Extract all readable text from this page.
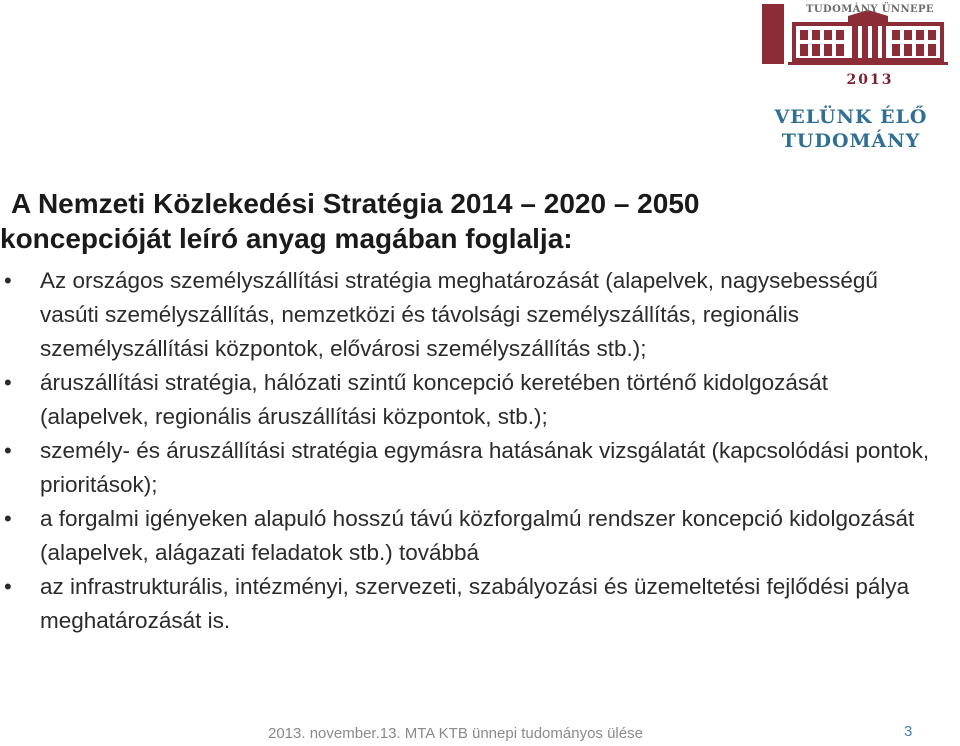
TUDOMÁNY ÜNNEPE
A MAGYAR
2013
VELÜNK ÉLŐ
TUDOMÁNY
A Nemzeti Közlekedési Stratégia 2014 – 2020 – 2050
koncepcióját leíró anyag magában foglalja:
• Az országos személyszállítási stratégia meghatározását (alapelvek, nagysebességű vasúti személyszállítás, nemzetközi és távolsági személyszállítás, regionális személyszállítási központok, elővárosi személyszállítás stb.);
• áruszállítási stratégia, hálózati szintű koncepció keretében történő kidolgozását (alapelvek, regionális áruszállítási központok, stb.);
• személy- és áruszállítási stratégia egymásra hatásának vizsgálatát (kapcsolódási pontok, prioritások);
• a forgalmi igényeken alapuló hosszú távú közforgalmú rendszer koncepció kidolgozását (alapelvek, alágazati feladatok stb.) továbbá
• az infrastrukturális, intézményi, szervezeti, szabályozási és üzemeltetési fejlődési pálya meghatározását is.
2013. november.13. MTA KTB ünnepi tudományos ülése	3
